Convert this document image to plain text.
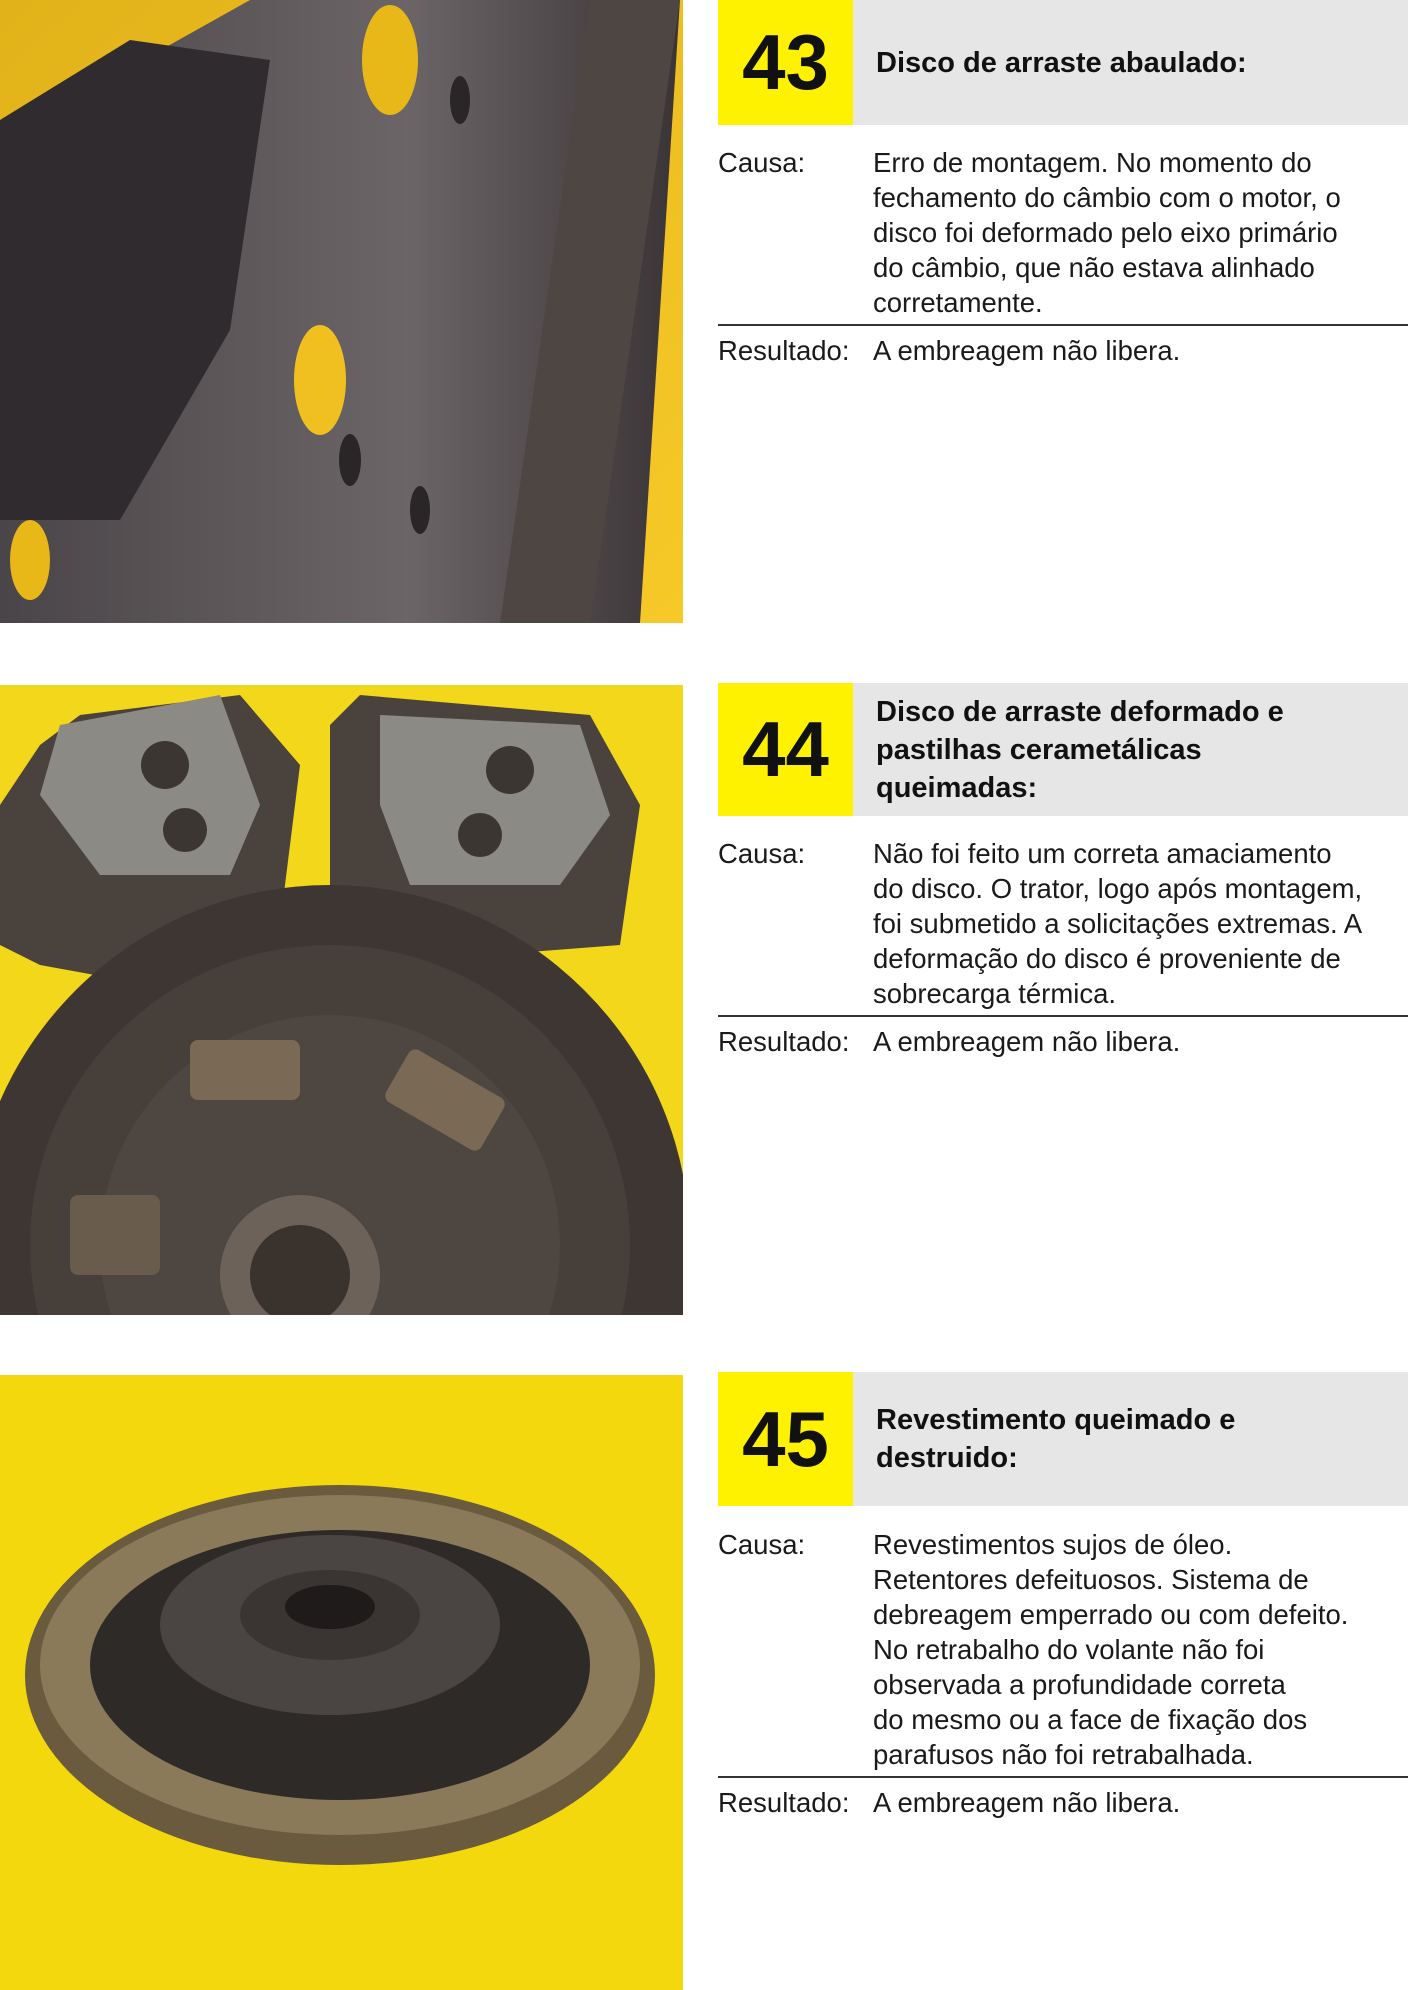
43	Disco de arraste abaulado:
Causa:	Erro de montagem. No momento do
fechamento do câmbio com o motor, o
disco foi deformado pelo eixo primário
do câmbio, que não estava alinhado
corretamente.
Resultado: A embreagem não libera.
44	Disco de arraste deformado e
pastilhas cerametálicas
queimadas:
Causa:	Não foi feito um correta amaciamento
do disco. O trator, logo após montagem,
foi submetido a solicitações extremas. A
deformação do disco é proveniente de
sobrecarga térmica.
Resultado: A embreagem não libera.
45	Revestimento queimado e
destruido:
Causa:	Revestimentos sujos de óleo.
Retentores defeituosos. Sistema de
debreagem emperrado ou com defeito.
No retrabalho do volante não foi
observada a profundidade correta
do mesmo ou a face de fixação dos
parafusos não foi retrabalhada.
Resultado: A embreagem não libera.
